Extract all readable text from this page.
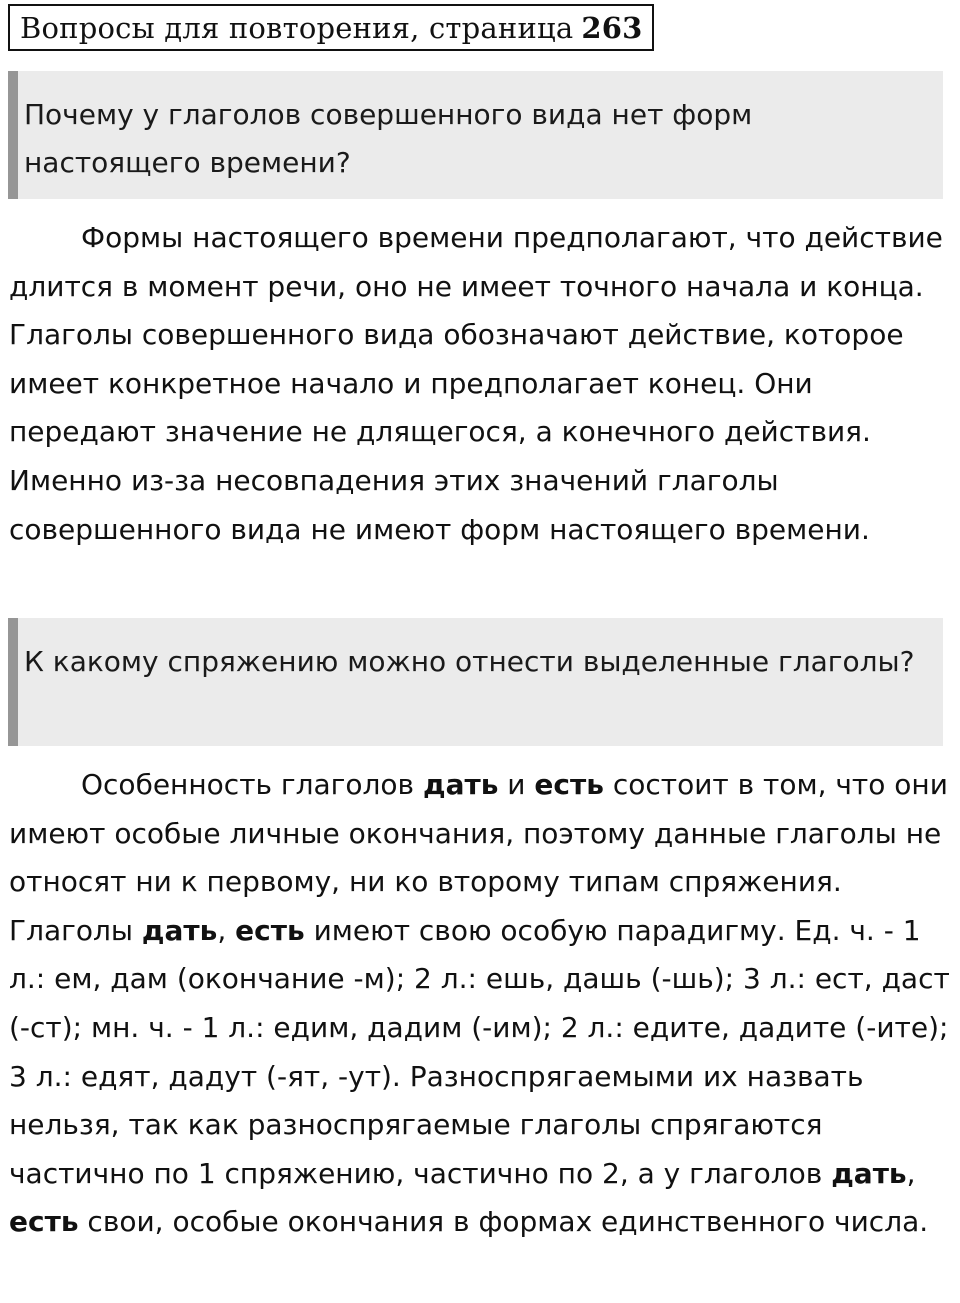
Вопросы для повторения, страница 263
Почему у глаголов совершенного вида нет форм настоящего времени?

Формы настоящего времени предполагают, что действие длится в момент речи, оно не имеет точного начала и конца. Глаголы совершенного вида обозначают действие, которое имеет конкретное начало и предполагает конец. Они передают значение не длящегося, а конечного действия. Именно из-за несовпадения этих значений глаголы совершенного вида не имеют форм настоящего времени.

К какому спряжению можно отнести выделенные глаголы?

Особенность глаголов дать и есть состоит в том, что они имеют особые личные окончания, поэтому данные глаголы не относят ни к первому, ни ко второму типам спряжения. Глаголы дать, есть имеют свою особую парадигму. Ед. ч. - 1 л.: ем, дам (окончание -м); 2 л.: ешь, дашь (-шь); 3 л.: ест, даст (-ст); мн. ч. - 1 л.: едим, дадим (-им); 2 л.: едите, дадите (-ите); 3 л.: едят, дадут (-ят, -ут). Разноспрягаемыми их назвать нельзя, так как разноспрягаемые глаголы спрягаются частично по 1 спряжению, частично по 2, а у глаголов дать, есть свои, особые окончания в формах единственного числа.
